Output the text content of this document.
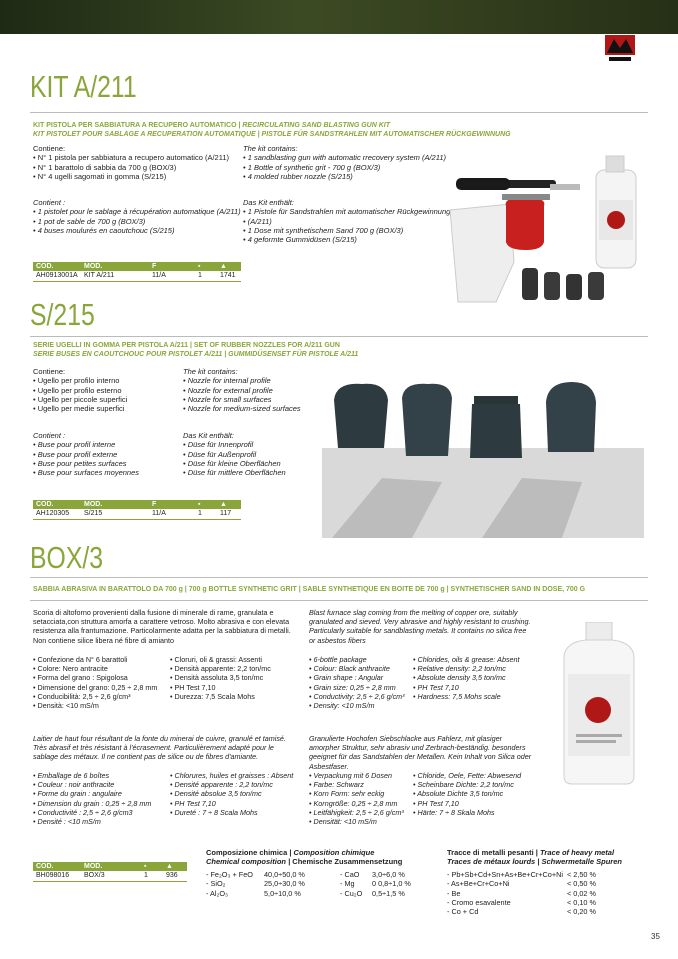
KIT A/211
KIT PISTOLA PER SABBIATURA A RECUPERO AUTOMATICO | RECIRCULATING SAND BLASTING GUN KIT
KIT PISTOLET POUR SABLAGE A RECUPERATION AUTOMATIQUE | PISTOLE FÜR SANDSTRAHLEN MIT AUTOMATISCHER RÜCKGEWINNUNG
Contiene:
• N° 1 pistola per sabbiatura a recupero automatico (A/211)
• N° 1 barattolo di sabbia da 700 g (BOX/3)
• N° 4 ugelli sagomati in gomma (S/215)
Contient :
• 1 pistolet pour le sablage à récupération automatique (A/211)
• 1 pot de sable de 700 g (BOX/3)
• 4 buses moulurés en caoutchouc (S/215)
The kit contains:
• 1 sandblasting gun with automatic rrecovery system (A/211)
• 1 Bottle of synthetic grit - 700 g (BOX/3)
• 4 molded rubber nozzle (S/215)
Das Kit enthält:
• 1 Pistole für Sandstrahlen mit automatischer Rückgewinnung
• (A/211)
• 1 Dose mit synthetischem Sand 700 g (BOX/3)
• 4 geformte Gummidüsen (S/215)
COD.	MOD.	F	▪	▲
AH0913001A	KIT A/211	11/A	1	1741
S/215
SERIE UGELLI IN GOMMA PER PISTOLA A/211 | SET OF RUBBER NOZZLES FOR A/211 GUN
SERIE BUSES EN CAOUTCHOUC POUR PISTOLET A/211 | GUMMIDÜSENSET FÜR PISTOLE A/211
Contiene:
• Ugello per profilo interno
• Ugello per profilo esterno
• Ugello per piccole superfici
• Ugello per medie superfici
Contient :
• Buse pour profil interne
• Buse pour profil externe
• Buse pour petites surfaces
• Buse pour surfaces moyennes
The kit contains:
• Nozzle for internal profile
• Nozzle for external profile
• Nozzle for small surfaces
• Nozzle for medium-sized surfaces
Das Kit enthält:
• Düse für Innenprofil
• Düse für Außenprofil
• Düse für kleine Oberflächen
• Düse für mittlere Oberflächen
COD.	MOD.	F	▪	▲
AH120305	S/215	11/A	1	117
BOX/3
SABBIA ABRASIVA IN BARATTOLO DA 700 g | 700 g BOTTLE SYNTHETIC GRIT | SABLE SYNTHETIQUE EN BOITE DE 700 g | SYNTHETISCHER SAND IN DOSE, 700 G
Scoria di altoforno provenienti dalla fusione di minerale di rame, granulata e setacciata,con struttura amorfa a carattere vetroso. Molto abrasiva e con elevata resistenza alla frantumazione. Particolarmente adatta per la sabbiatura di metalli. Non contiene silice libera né fibre di amianto
• Confezione da N° 6 barattoli
• Colore: Nero antracite
• Forma del grano : Spigolosa
• Dimensione del grano: 0,25 ÷ 2,8 mm
• Conducibilità: 2,5 ÷ 2,6 g/cm³
• Densità: <10 mS/m
• Cloruri, oli & grassi: Assenti
• Densità apparente: 2,2 ton/mc
• Densità assoluta 3,5 ton/mc
• PH Test 7,10
• Durezza: 7,5 Scala Mohs
Blast furnace slag coming from the melting of copper ore, suitably granulated and sieved. Very abrasive and highly resistant to crushing. Particularly suitable for sandblasting metals. It contains no silica free or asbestos fibers
• 6-bottle package
• Colour: Black anthracite
• Grain shape : Angular
• Grain size: 0,25 ÷ 2,8 mm
• Conductivity: 2,5 ÷ 2,6 g/cm³
• Density: <10 mS/m
• Chlorides, oils & grease: Absent
• Relative density: 2,2 ton/mc
• Absolute density 3,5 ton/mc
• PH Test 7,10
• Hardness: 7,5 Mohs scale
Laitier de haut four résultant de la fonte du minerai de cuivre, granulé et tamisé. Très abrasif et très résistant à l'écrasement. Particulièrement adapté pour le sablage des métaux. Il ne contient pas de silice ou de fibres d'amiante.
• Emballage de 6 boîtes
• Couleur : noir anthracite
• Forme du grain : angulaire
• Dimension du grain : 0,25 ÷ 2,8 mm
• Conductivité : 2,5 ÷ 2,6 g/cm3
• Densité : <10 mS/m
• Chlorures, huiles et graisses : Absent
• Densité apparente : 2,2 ton/mc
• Densité absolue 3,5 ton/mc
• PH Test 7,10
• Dureté : 7 ÷ 8 Scala Mohs
Granulierte Hochofen Siebschlacke aus Fahlerz, mit glasiger amorpher Struktur, sehr abrasiv und Zerbrach-beständig. besonders geeignet für das Sandstahlen der Metallen. Kein Inhalt von Silica oder Asbestfaser.
• Verpackung mit 6 Dosen
• Farbe: Schwarz
• Korn Form: sehr eckig
• Korngröße: 0,25 ÷ 2,8 mm
• Leitfähigkeit: 2,5 ÷ 2,6 g/cm³
• Densität: <10 mS/m
• Chloride, Oele, Fette: Abwesend
• Scheinbare Dichte: 2,2 ton/mc
• Absolute Dichte 3,5 ton/mc
• PH Test 7,10
• Härte: 7 ÷ 8 Skala Mohs
COD.	MOD.	▪	▲
BH098016	BOX/3	1	936
Composizione chimica | Composition chimique
Chemical composition | Chemische Zusammensetzung
- Fe₂O₃ + FeO 40,0÷50,0 %
- SiO₂	25,0÷30,0 %
- Al₂O₃	5,0÷10,0 %
- CaO 3,0÷6,0 %
- Mg 0 0,8÷1,0 %
- Cu₂O 0,5÷1,5 %
Tracce di metalli pesanti | Trace of heavy metal
Traces de métaux lourds | Schwermetalle Spuren
- Pb+Sb+Cd+Sn+As+Be+Cr+Co+Ni < 2,50 %
- As+Be+Cr+Co+Ni	< 0,50 %
- Be	< 0,02 %
- Cromo esavalente	< 0,10 %
- Co + Cd	< 0,20 %
35
